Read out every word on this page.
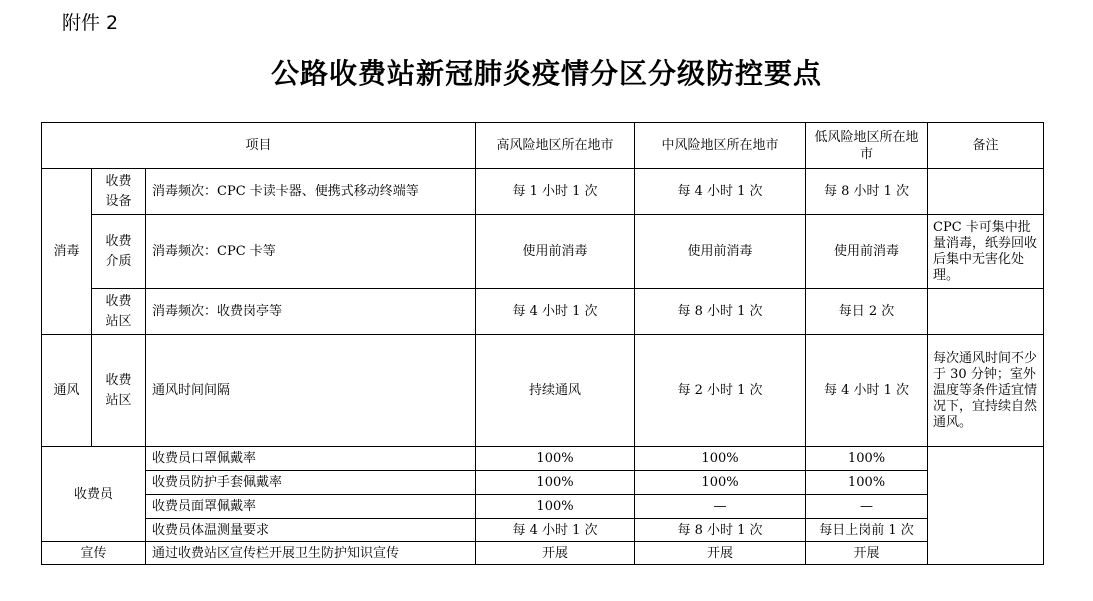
附件 2
公路收费站新冠肺炎疫情分区分级防控要点
项目			高风险地区所在地市	中风险地区所在地市	低风险地区所在地市	备注
消毒	收费设备	消毒频次：CPC 卡读卡器、便携式移动终端等	每 1 小时 1 次	每 4 小时 1 次	每 8 小时 1 次	

	收费介质	消毒频次：CPC 卡等	使用前消毒	使用前消毒	使用前消毒	CPC 卡可集中批量消毒，纸券回收后集中无害化处理。

	收费站区	消毒频次：收费岗亭等	每 4 小时 1 次	每 8 小时 1 次	每日 2 次	
通风	收费站区	通风时间间隔	持续通风	每 2 小时 1 次	每 4 小时 1 次	每次通风时间不少于 30 分钟；室外温度等条件适宜情况下，宜持续自然通风。
收费员		收费员口罩佩戴率	100%	100%	100%	
		收费员防护手套佩戴率	100%	100%	100%	
		收费员面罩佩戴率	100%	—	—	
		收费员体温测量要求	每 4 小时 1 次	每 8 小时 1 次	每日上岗前 1 次	
宣传		通过收费站区宣传栏开展卫生防护知识宣传	开展	开展	开展	
